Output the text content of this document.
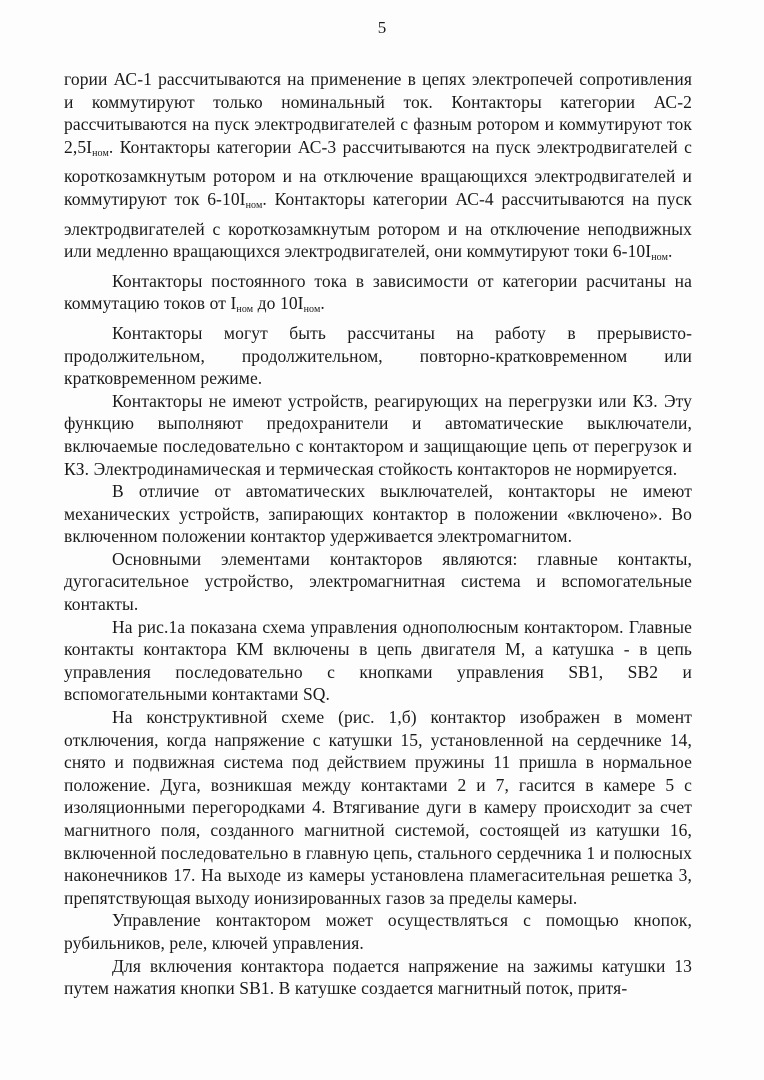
5

гории АС-1 рассчитываются на применение в цепях электропечей сопротивления и коммутируют только номинальный ток. Контакторы категории АС-2 рассчитываются на пуск электродвигателей с фазным ротором и коммутируют ток $2,5I_{ном}$. Контакторы категории АС-3 рассчитываются на пуск электродвигателей с короткозамкнутым ротором и на отключение вращающихся электродвигателей и коммутируют ток $6-10I_{ном}$. Контакторы категории АС-4 рассчитываются на пуск электродвигателей с короткозамкнутым ротором и на отключение неподвижных или медленно вращающихся электродвигателей, они коммутируют токи $6-10I_{ном}$.

Контакторы постоянного тока в зависимости от категории расчитаны на коммутацию токов от $I_{ном}$ до $10I_{ном}$.

Контакторы могут быть рассчитаны на работу в прерывисто-продолжительном, продолжительном, повторно-кратковременном или кратковременном режиме.

Контакторы не имеют устройств, реагирующих на перегрузки или КЗ. Эту функцию выполняют предохранители и автоматические выключатели, включаемые последовательно с контактором и защищающие цепь от перегрузок и КЗ. Электродинамическая и термическая стойкость контакторов не нормируется.

В отличие от автоматических выключателей, контакторы не имеют механических устройств, запирающих контактор в положении «включено». Во включенном положении контактор удерживается электромагнитом.

Основными элементами контакторов являются: главные контакты, дугогасительное устройство, электромагнитная система и вспомогательные контакты.

На рис.1а показана схема управления однополюсным контактором. Главные контакты контактора КМ включены в цепь двигателя М, а катушка - в цепь управления последовательно с кнопками управления SB1, SB2 и вспомогательными контактами SQ.

На конструктивной схеме (рис. 1,б) контактор изображен в момент отключения, когда напряжение с катушки 15, установленной на сердечнике 14, снято и подвижная система под действием пружины 11 пришла в нормальное положение. Дуга, возникшая между контактами 2 и 7, гасится в камере 5 с изоляционными перегородками 4. Втягивание дуги в камеру происходит за счет магнитного поля, созданного магнитной системой, состоящей из катушки 16, включенной последовательно в главную цепь, стального сердечника 1 и полюсных наконечников 17. На выходе из камеры установлена пламегасительная решетка 3, препятствующая выходу ионизированных газов за пределы камеры.

Управление контактором может осуществляться с помощью кнопок, рубильников, реле, ключей управления.

Для включения контактора подается напряжение на зажимы катушки 13 путем нажатия кнопки SB1. В катушке создается магнитный поток, притя-
